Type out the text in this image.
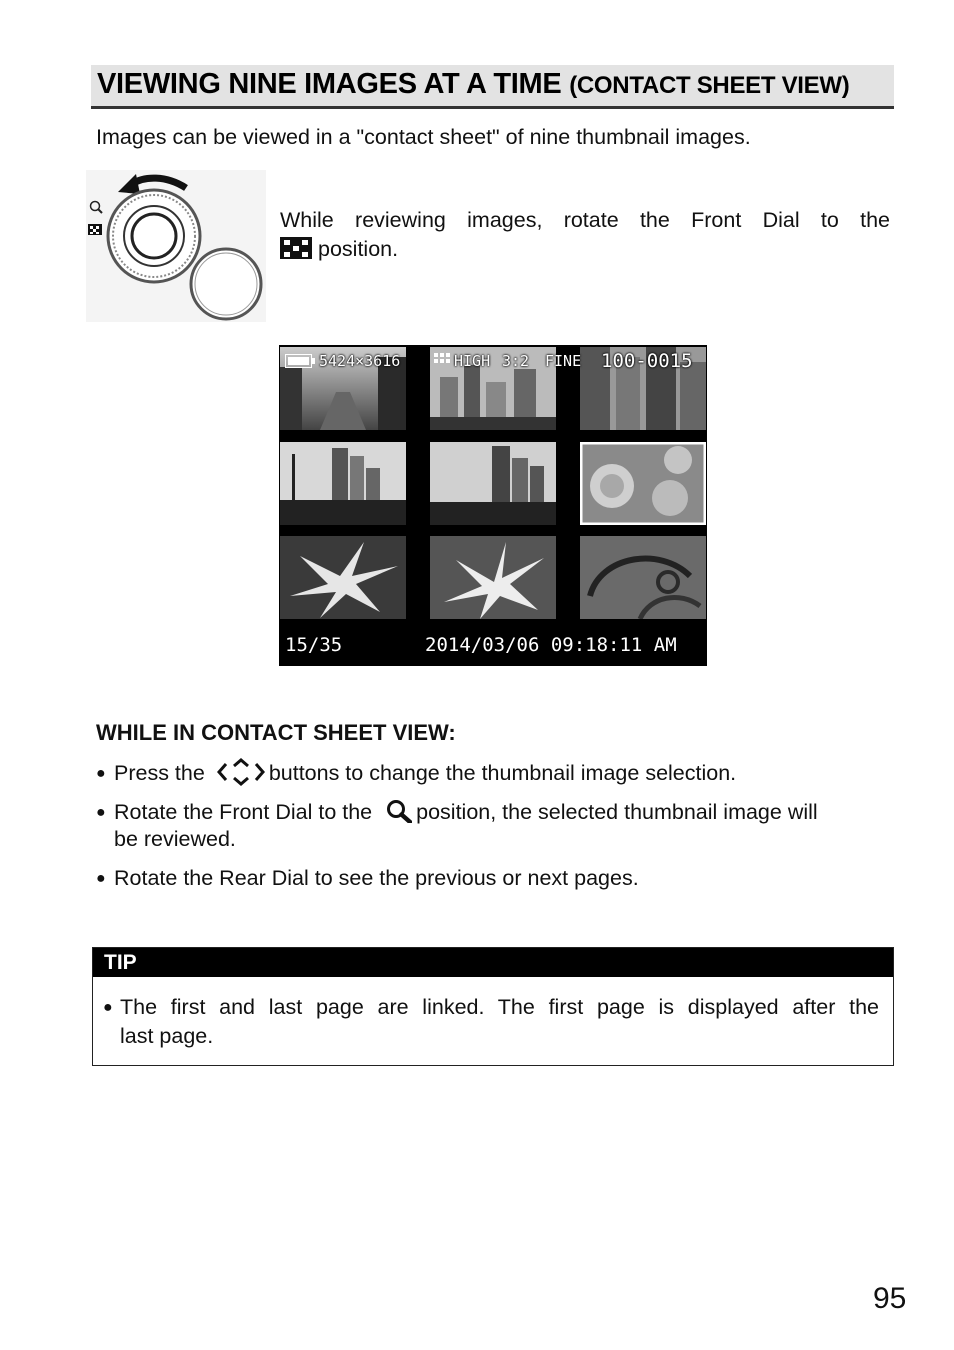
VIEWING NINE IMAGES AT A TIME (CONTACT SHEET VIEW)
Images can be viewed in a "contact sheet" of nine thumbnail images.
While reviewing images, rotate the Front Dial to the
position.
5424×3616	HIGH 3:2 FINE 100-0015
15/35	2014/03/06 09:18:11 AM
WHILE IN CONTACT SHEET VIEW:
● Press the	buttons to change the thumbnail image selection.
● Rotate the Front Dial to the position, the selected thumbnail image will
be reviewed.
● Rotate the Rear Dial to see the previous or next pages.
TIP
● The first and last page are linked. The first page is displayed after the
last page.
95
